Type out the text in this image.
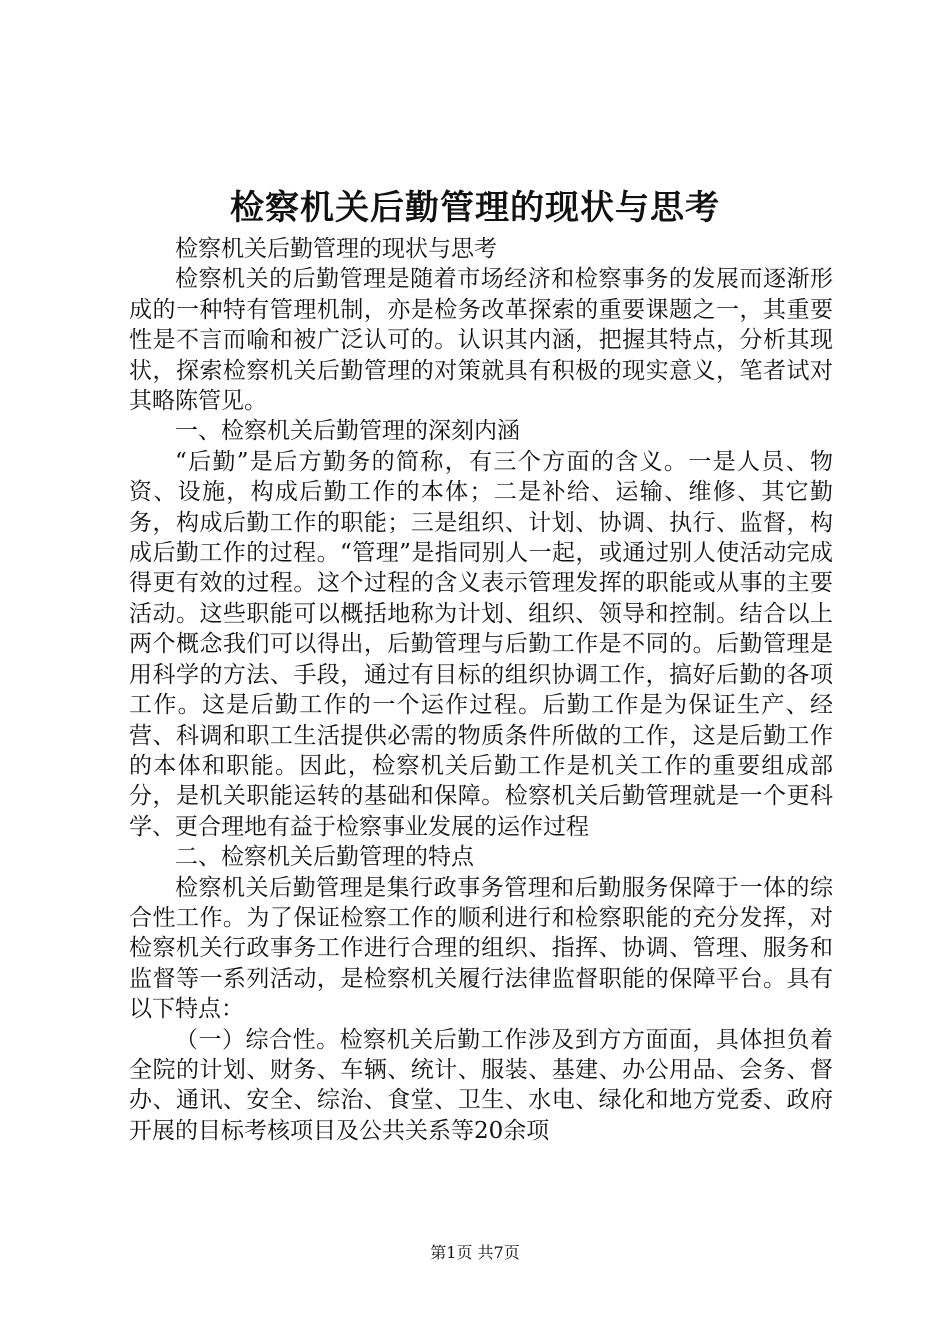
检察机关后勤管理的现状与思考

检察机关后勤管理的现状与思考

检察机关的后勤管理是随着市场经济和检察事务的发展而逐渐形成的一种特有管理机制，亦是检务改革探索的重要课题之一，其重要性是不言而喻和被广泛认可的。认识其内涵，把握其特点，分析其现状，探索检察机关后勤管理的对策就具有积极的现实意义，笔者试对其略陈管见。

一、检察机关后勤管理的深刻内涵

“后勤”是后方勤务的简称，有三个方面的含义。一是人员、物资、设施，构成后勤工作的本体；二是补给、运输、维修、其它勤务，构成后勤工作的职能；三是组织、计划、协调、执行、监督，构成后勤工作的过程。“管理”是指同别人一起，或通过别人使活动完成得更有效的过程。这个过程的含义表示管理发挥的职能或从事的主要活动。这些职能可以概括地称为计划、组织、领导和控制。结合以上两个概念我们可以得出，后勤管理与后勤工作是不同的。后勤管理是用科学的方法、手段，通过有目标的组织协调工作，搞好后勤的各项工作。这是后勤工作的一个运作过程。后勤工作是为保证生产、经营、科调和职工生活提供必需的物质条件所做的工作，这是后勤工作的本体和职能。因此，检察机关后勤工作是机关工作的重要组成部分，是机关职能运转的基础和保障。检察机关后勤管理就是一个更科学、更合理地有益于检察事业发展的运作过程

二、检察机关后勤管理的特点

检察机关后勤管理是集行政事务管理和后勤服务保障于一体的综合性工作。为了保证检察工作的顺利进行和检察职能的充分发挥，对检察机关行政事务工作进行合理的组织、指挥、协调、管理、服务和监督等一系列活动，是检察机关履行法律监督职能的保障平台。具有以下特点：

（一）综合性。检察机关后勤工作涉及到方方面面，具体担负着全院的计划、财务、车辆、统计、服装、基建、办公用品、会务、督办、通讯、安全、综治、食堂、卫生、水电、绿化和地方党委、政府开展的目标考核项目及公共关系等20余项

第1页 共7页
